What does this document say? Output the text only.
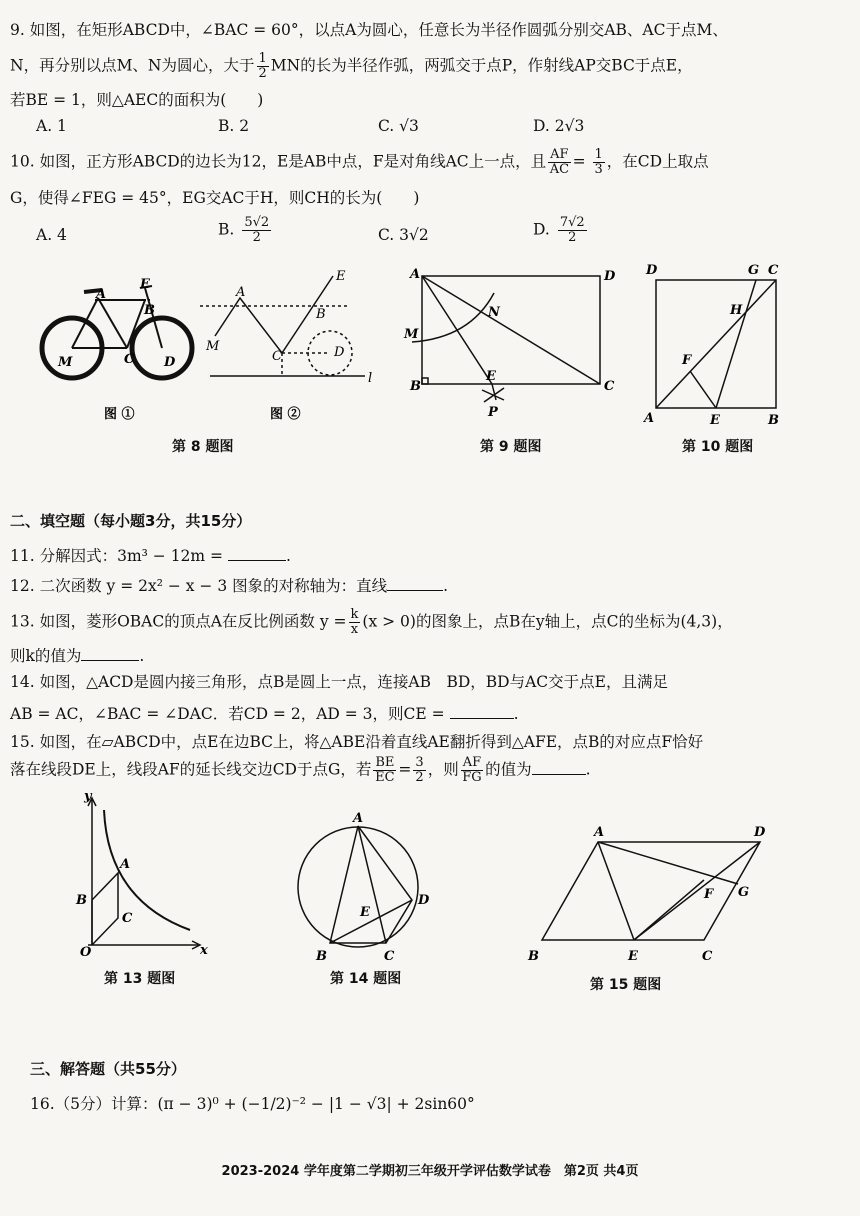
9. 如图，在矩形ABCD中，∠BAC = 60°，以点A为圆心，任意长为半径作圆弧分别交AB、AC于点M、
N，再分别以点M、N为圆心，大于 $\frac{1}{2}$ MN的长为半径作弧，两弧交于点P，作射线AP交BC于点E，
若BE = 1，则△AEC的面积为(　　)
A. 1	B. 2	C. √3	D. 2√3
10. 如图，正方形ABCD的边长为12，E是AB中点，F是对角线AC上一点，且 $\frac{AF}{AC} = \frac{1}{3}$ ，在CD上取点
G，使得∠FEG = 45°，EG交AC于H，则CH的长为(　　)
A. 4	B. $\frac{5√2}{2}$	C. 3√2	D. $\frac{7√2}{2}$
A
E
B
M	C D
图 ①
A
E
B
M
C	D
l
图 ②
A	D
N
M
B
E
C
P
D	G C
H
F
A	E	B
第 8 题图	第 9 题图	第 10 题图
二、填空题（每小题3分，共15分）
11. 分解因式：3m³ − 12m =	.
12. 二次函数 y = 2x² − x − 3 图象的对称轴为：直线	.
13. 如图，菱形OBAC的顶点A在反比例函数 $y = \frac{k}{x} (x > 0)$的图象上，点B在y轴上，点C的坐标为(4,3)，
则k的值为	.
14. 如图，△ACD是圆内接三角形，点B是圆上一点，连接AB　BD，BD与AC交于点E，且满足
AB = AC，∠BAC = ∠DAC．若CD = 2，AD = 3，则CE =	.
15. 如图，在▱ABCD中，点E在边BC上，将△ABE沿着直线AE翻折得到△AFE，点B的对应点F恰好
落在线段DE上，线段AF的延长线交边CD于点G，若 $\frac{BE}{EC} = \frac{3}{2}$ ，则 $\frac{AF}{FG}$ 的值为	.
y
A
B
C
O	x
A
E
D
B	C
A	D
F G
B	E	C
第 13 题图	第 14 题图	第 15 题图
三、解答题（共55分）
16.（5分）计算：(π − 3)⁰ + (−1/2)⁻² − |1 − √3| + 2sin60°
2023-2024 学年度第二学期初三年级开学评估数学试卷　第2页 共4页
